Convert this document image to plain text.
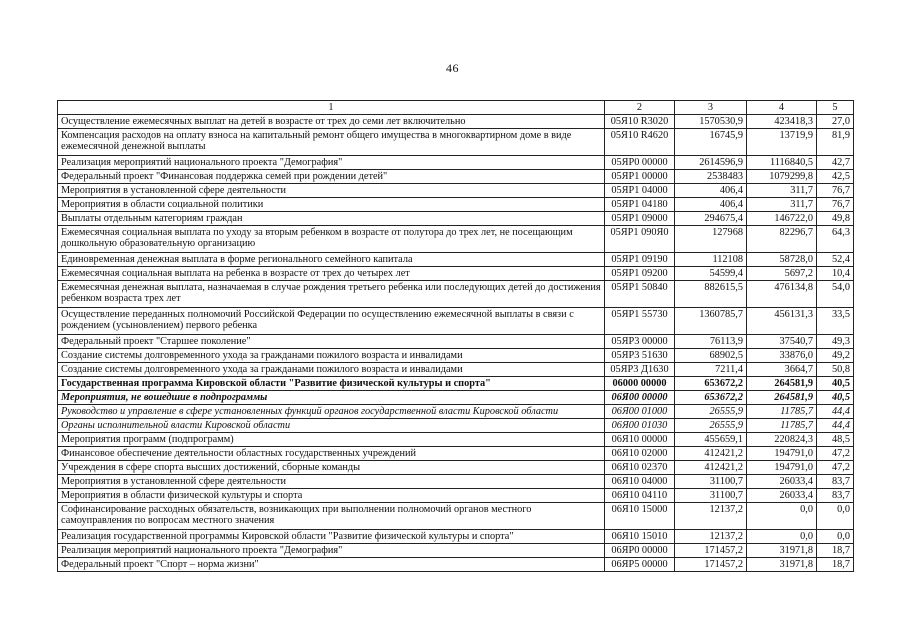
46
1	2	3	4	5
Осуществление ежемесячных выплат на детей в возрасте от трех до семи лет включительно	05Я10 R3020	1570530,9	423418,3	27,0
Компенсация расходов на оплату взноса на капитальный ремонт общего имущества в многоквартирном доме в виде ежемесячной денежной выплаты	05Я10 R4620	16745,9	13719,9	81,9
Реализация мероприятий национального проекта "Демография"	05ЯР0 00000	2614596,9	1116840,5	42,7
Федеральный проект "Финансовая поддержка семей при рождении детей"	05ЯР1 00000	2538483	1079299,8	42,5
Мероприятия в установленной сфере деятельности	05ЯР1 04000	406,4	311,7	76,7
Мероприятия в области социальной политики	05ЯР1 04180	406,4	311,7	76,7
Выплаты отдельным категориям граждан	05ЯР1 09000	294675,4	146722,0	49,8
Ежемесячная социальная выплата по уходу за вторым ребенком в возрасте от полутора до трех лет, не посещающим дошкольную образовательную организацию	05ЯР1 090Я0	127968	82296,7	64,3
Единовременная денежная выплата в форме регионального семейного капитала	05ЯР1 09190	112108	58728,0	52,4
Ежемесячная социальная выплата на ребенка в возрасте от трех до четырех лет	05ЯР1 09200	54599,4	5697,2	10,4
Ежемесячная денежная выплата, назначаемая в случае рождения третьего ребенка или последующих детей до достижения ребенком возраста трех лет	05ЯР1 50840	882615,5	476134,8	54,0
Осуществление переданных полномочий Российской Федерации по осуществлению ежемесячной выплаты в связи с рождением (усыновлением) первого ребенка	05ЯР1 55730	1360785,7	456131,3	33,5
Федеральный проект "Старшее поколение"	05ЯР3 00000	76113,9	37540,7	49,3
Создание системы долговременного ухода за гражданами пожилого возраста и инвалидами	05ЯР3 51630	68902,5	33876,0	49,2
Создание системы долговременного ухода за гражданами пожилого возраста и инвалидами	05ЯР3 Д1630	7211,4	3664,7	50,8
Государственная программа Кировской области "Развитие физической культуры и спорта"	06000 00000	653672,2	264581,9	40,5
Мероприятия, не вошедшие в подпрограммы	06Я00 00000	653672,2	264581,9	40,5
Руководство и управление в сфере установленных функций органов государственной власти Кировской области	06Я00 01000	26555,9	11785,7	44,4
Органы исполнительной власти Кировской области	06Я00 01030	26555,9	11785,7	44,4
Мероприятия программ (подпрограмм)	06Я10 00000	455659,1	220824,3	48,5
Финансовое обеспечение деятельности областных государственных учреждений	06Я10 02000	412421,2	194791,0	47,2
Учреждения в сфере спорта высших достижений, сборные команды	06Я10 02370	412421,2	194791,0	47,2
Мероприятия в установленной сфере деятельности	06Я10 04000	31100,7	26033,4	83,7
Мероприятия в области физической культуры и спорта	06Я10 04110	31100,7	26033,4	83,7
Софинансирование расходных обязательств, возникающих при выполнении полномочий органов местного самоуправления по вопросам местного значения	06Я10 15000	12137,2	0,0	0,0
Реализация государственной программы Кировской области "Развитие физической культуры и спорта"	06Я10 15010	12137,2	0,0	0,0
Реализация мероприятий национального проекта "Демография"	06ЯР0 00000	171457,2	31971,8	18,7
Федеральный проект "Спорт – норма жизни"	06ЯР5 00000	171457,2	31971,8	18,7
